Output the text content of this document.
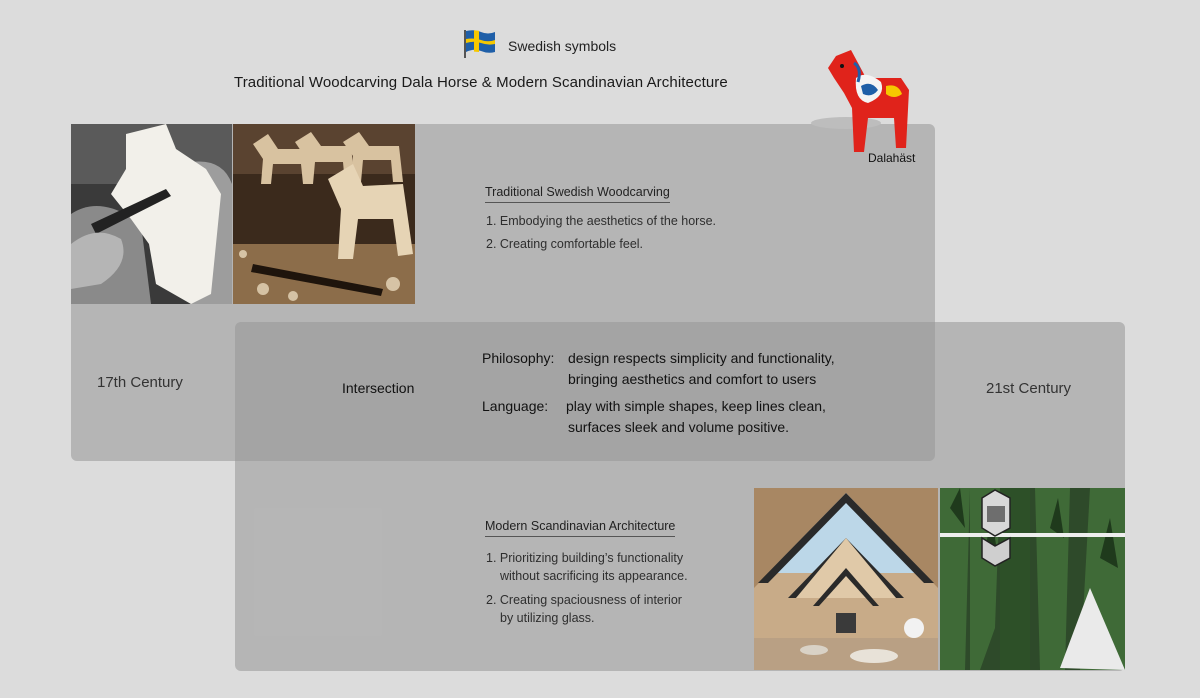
Swedish symbols
Traditional Woodcarving Dala Horse & Modern Scandinavian Architecture
Dalahäst
Traditional Swedish Woodcarving
1. Embodying the aesthetics of the horse.
2. Creating comfortable feel.
17th Century	Intersection	21st Century
Philosophy: design respects simplicity and functionality,
bringing aesthetics and comfort to users
Language: play with simple shapes, keep lines clean,
surfaces sleek and volume positive.
Modern Scandinavian Architecture
1. Prioritizing building’s functionality
without sacrificing its appearance.
2. Creating spaciousness of interior
by utilizing glass.
